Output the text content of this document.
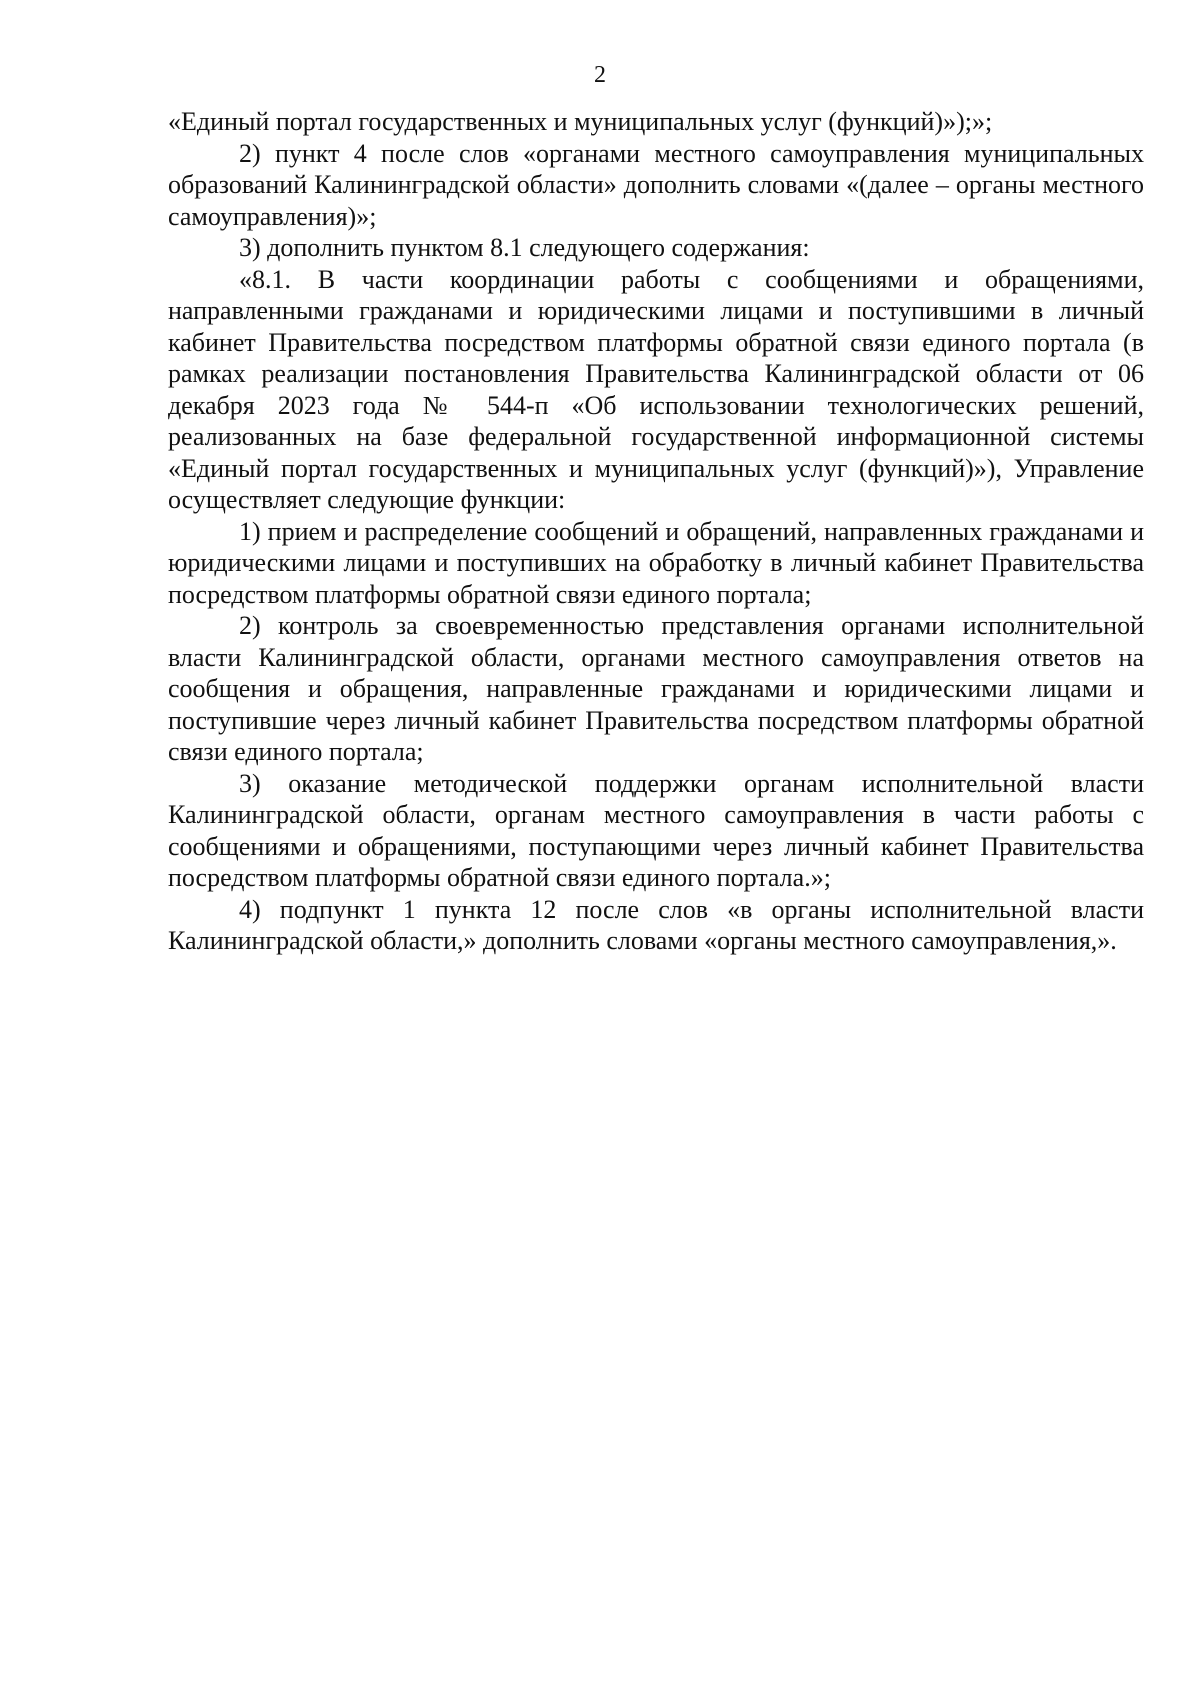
2

«Единый портал государственных и муниципальных услуг (функций)»);»;

2) пункт 4 после слов «органами местного самоуправления муниципальных образований Калининградской области» дополнить словами «(далее – органы местного самоуправления)»;

3) дополнить пунктом 8.1 следующего содержания:

«8.1. В части координации работы с сообщениями и обращениями, направленными гражданами и юридическими лицами и поступившими в личный кабинет Правительства посредством платформы обратной связи единого портала (в рамках реализации постановления Правительства Калининградской области от 06 декабря 2023 года № 544-п «Об использовании технологических решений, реализованных на базе федеральной государственной информационной системы «Единый портал государственных и муниципальных услуг (функций)»), Управление осуществляет следующие функции:

1) прием и распределение сообщений и обращений, направленных гражданами и юридическими лицами и поступивших на обработку в личный кабинет Правительства посредством платформы обратной связи единого портала;

2) контроль за своевременностью представления органами исполнительной власти Калининградской области, органами местного самоуправления ответов на сообщения и обращения, направленные гражданами и юридическими лицами и поступившие через личный кабинет Правительства посредством платформы обратной связи единого портала;

3) оказание методической поддержки органам исполнительной власти Калининградской области, органам местного самоуправления в части работы с сообщениями и обращениями, поступающими через личный кабинет Правительства посредством платформы обратной связи единого портала.»;

4) подпункт 1 пункта 12 после слов «в органы исполнительной власти Калининградской области,» дополнить словами «органы местного самоуправления,».
